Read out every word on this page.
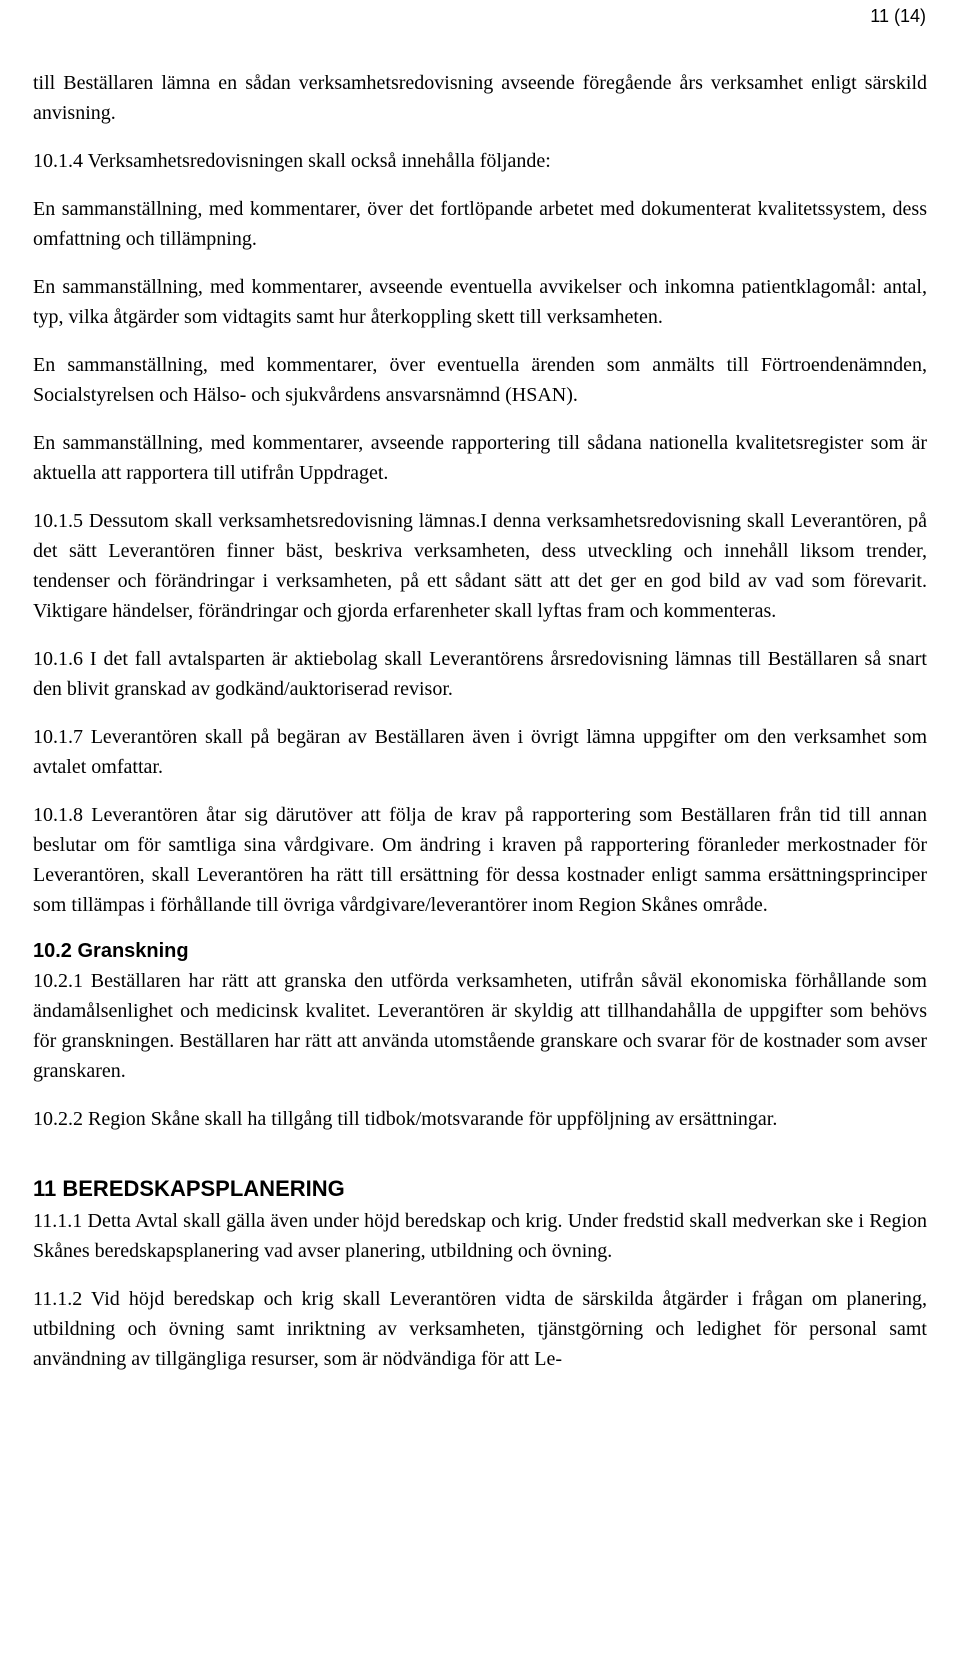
11 (14)

till Beställaren lämna en sådan verksamhetsredovisning avseende föregående års verksamhet enligt särskild anvisning.

10.1.4 Verksamhetsredovisningen skall också innehålla följande:

En sammanställning, med kommentarer, över det fortlöpande arbetet med dokumenterat kvalitetssystem, dess omfattning och tillämpning.

En sammanställning, med kommentarer, avseende eventuella avvikelser och inkomna patientklagomål: antal, typ, vilka åtgärder som vidtagits samt hur återkoppling skett till verksamheten.

En sammanställning, med kommentarer, över eventuella ärenden som anmälts till Förtroendenämnden, Socialstyrelsen och Hälso- och sjukvårdens ansvarsnämnd (HSAN).

En sammanställning, med kommentarer, avseende rapportering till sådana nationella kvalitetsregister som är aktuella att rapportera till utifrån Uppdraget.

10.1.5 Dessutom skall verksamhetsredovisning lämnas.I denna verksamhetsredovisning skall Leverantören, på det sätt Leverantören finner bäst, beskriva verksamheten, dess utveckling och innehåll liksom trender, tendenser och förändringar i verksamheten, på ett sådant sätt att det ger en god bild av vad som förevarit. Viktigare händelser, förändringar och gjorda erfarenheter skall lyftas fram och kommenteras.

10.1.6 I det fall avtalsparten är aktiebolag skall Leverantörens årsredovisning lämnas till Beställaren så snart den blivit granskad av godkänd/auktoriserad revisor.

10.1.7 Leverantören skall på begäran av Beställaren även i övrigt lämna uppgifter om den verksamhet som avtalet omfattar.

10.1.8 Leverantören åtar sig därutöver att följa de krav på rapportering som Beställaren från tid till annan beslutar om för samtliga sina vårdgivare. Om ändring i kraven på rapportering föranleder merkostnader för Leverantören, skall Leverantören ha rätt till ersättning för dessa kostnader enligt samma ersättningsprinciper som tillämpas i förhållande till övriga vårdgivare/leverantörer inom Region Skånes område.

10.2 Granskning

10.2.1 Beställaren har rätt att granska den utförda verksamheten, utifrån såväl ekonomiska förhållande som ändamålsenlighet och medicinsk kvalitet. Leverantören är skyldig att tillhandahålla de uppgifter som behövs för granskningen. Beställaren har rätt att använda utomstående granskare och svarar för de kostnader som avser granskaren.

10.2.2 Region Skåne skall ha tillgång till tidbok/motsvarande för uppföljning av ersättningar.

11 BEREDSKAPSPLANERING

11.1.1 Detta Avtal skall gälla även under höjd beredskap och krig. Under fredstid skall medverkan ske i Region Skånes beredskapsplanering vad avser planering, utbildning och övning.

11.1.2 Vid höjd beredskap och krig skall Leverantören vidta de särskilda åtgärder i frågan om planering, utbildning och övning samt inriktning av verksamheten, tjänstgörning och ledighet för personal samt användning av tillgängliga resurser, som är nödvändiga för att Le-
